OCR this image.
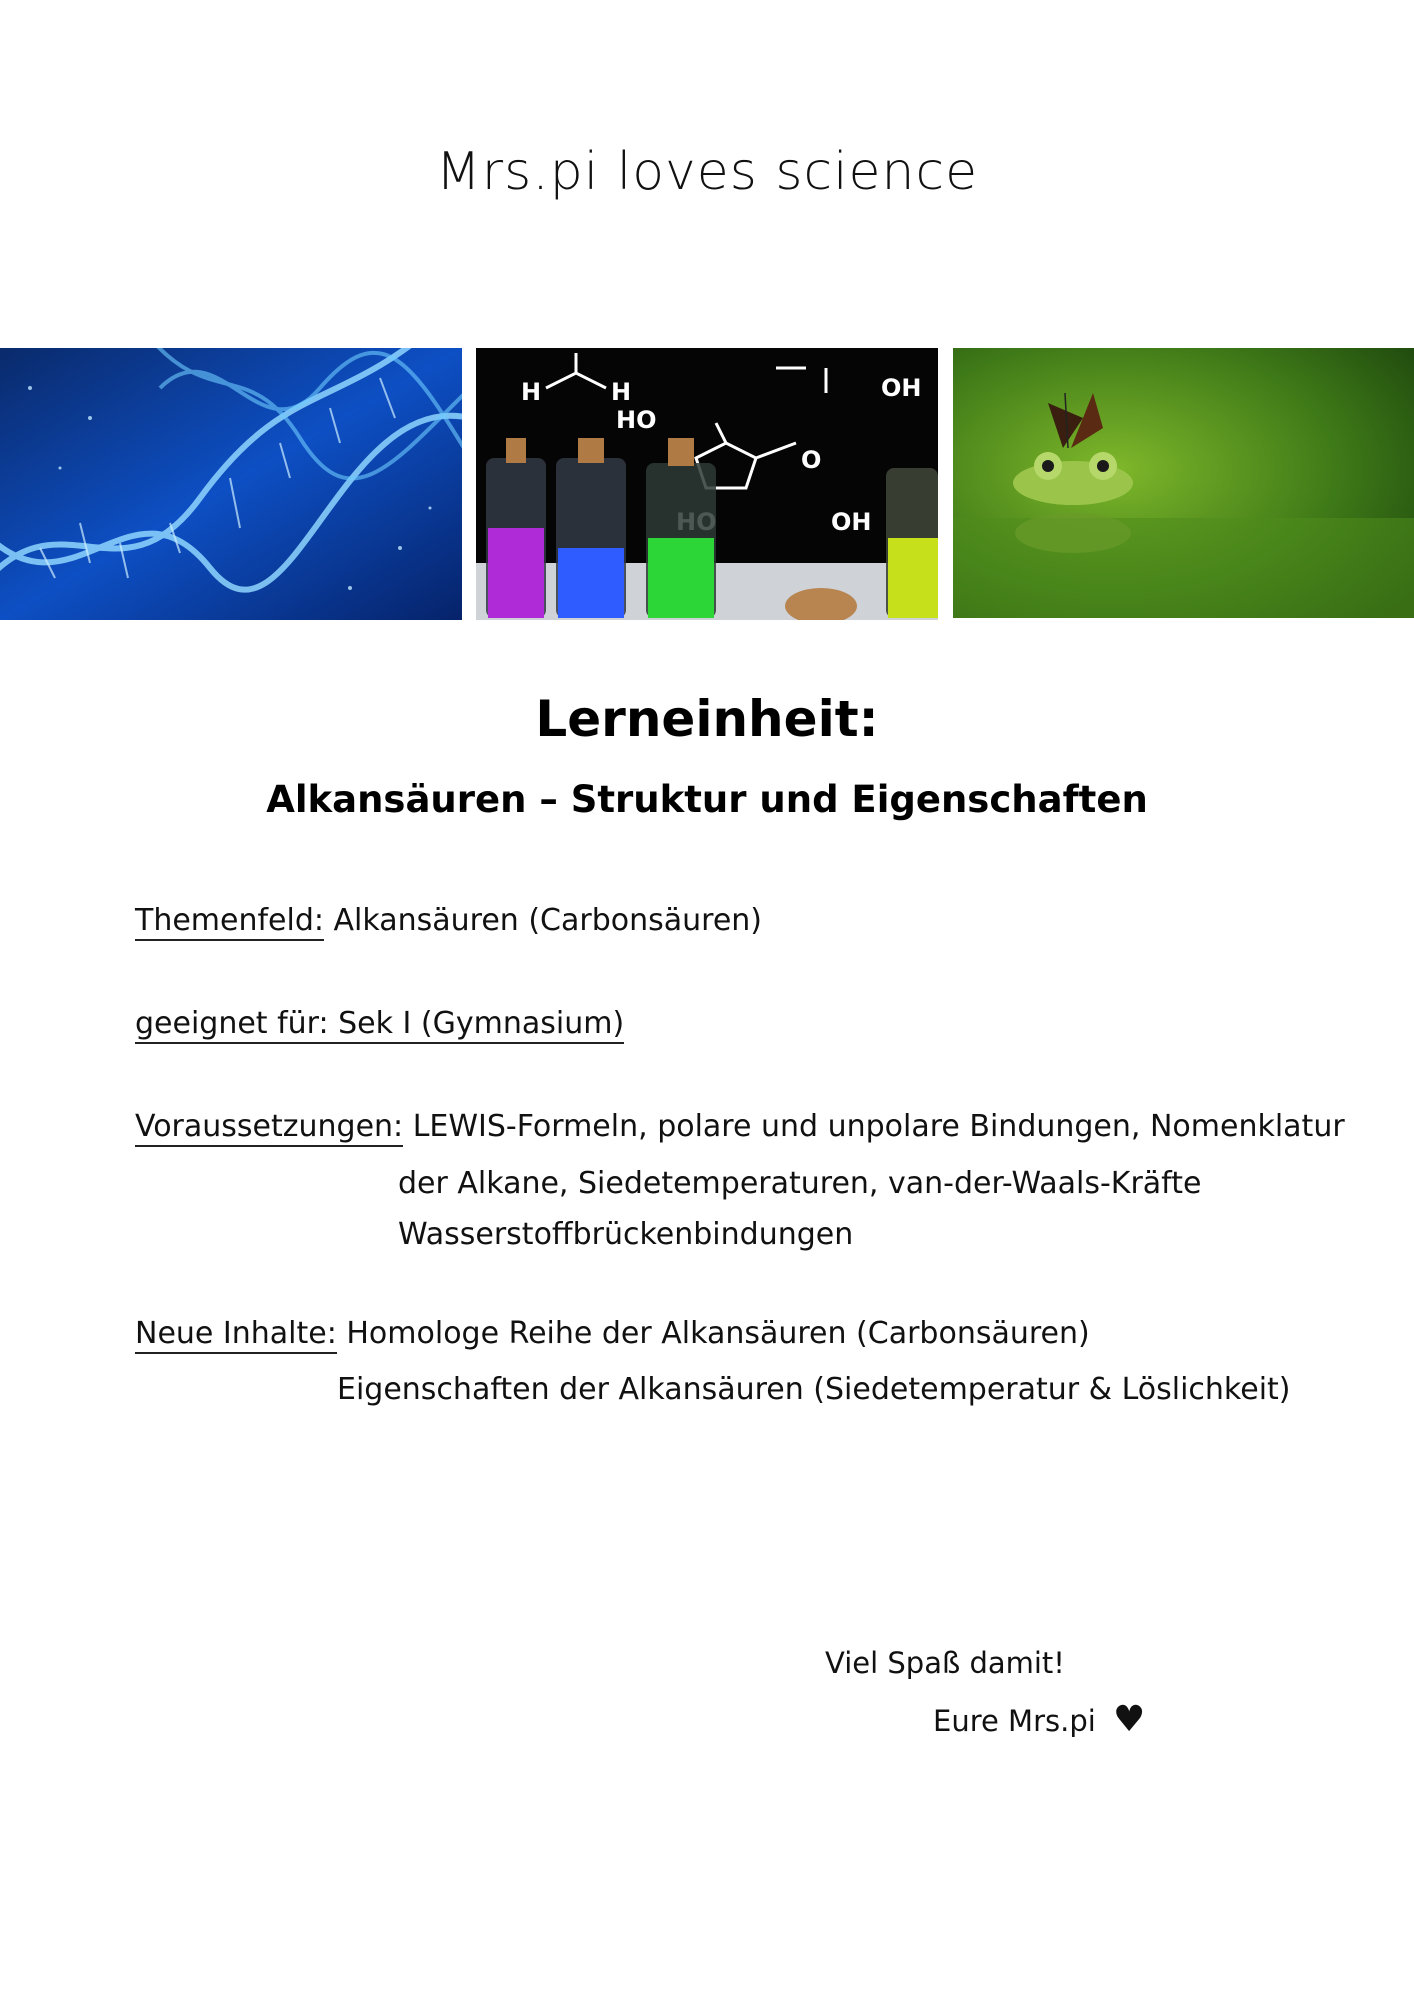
Mrs.pi loves science
H	H	OH
HO
O
OH
Lerneinheit:
Alkansäuren – Struktur und Eigenschaften
Themenfeld: Alkansäuren (Carbonsäuren)
geeignet für: Sek I (Gymnasium)
Voraussetzungen: LEWIS-Formeln, polare und unpolare Bindungen, Nomenklatur
der Alkane, Siedetemperaturen, van-der-Waals-Kräfte
Wasserstoffbrückenbindungen
Neue Inhalte: Homologe Reihe der Alkansäuren (Carbonsäuren)
Eigenschaften der Alkansäuren (Siedetemperatur & Löslichkeit)
Viel Spaß damit!
Eure Mrs.pi ♥
